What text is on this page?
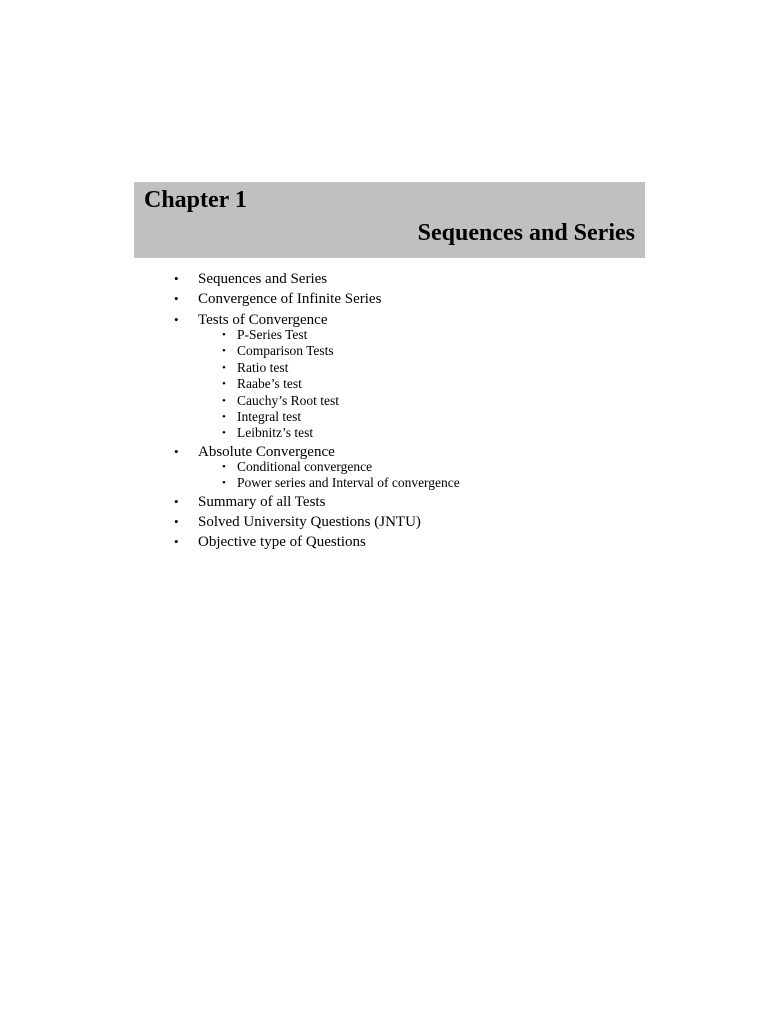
Chapter 1
Sequences and Series
• Sequences and Series
• Convergence of Infinite Series
• Tests of Convergence
• P-Series Test
• Comparison Tests
• Ratio test
• Raabe’s test
• Cauchy’s Root test
• Integral test
• Leibnitz’s test
• Absolute Convergence
• Conditional convergence
• Power series and Interval of convergence
• Summary of all Tests
• Solved University Questions (JNTU)
• Objective type of Questions
